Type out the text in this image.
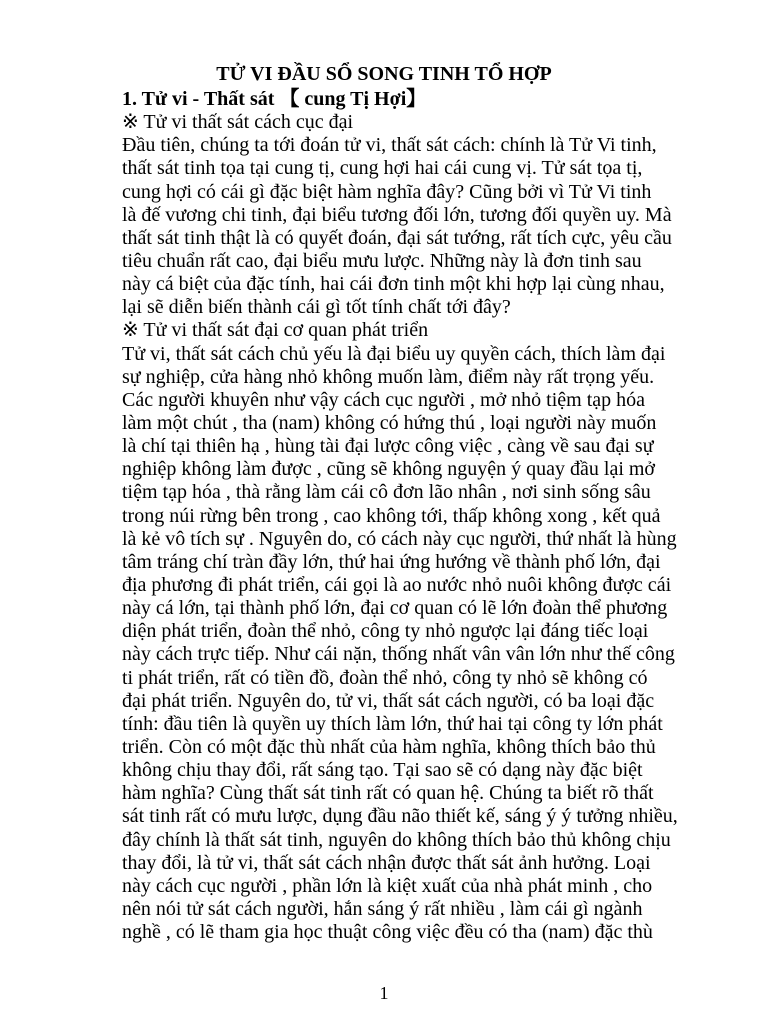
TỬ VI ĐẦU SỔ SONG TINH TỔ HỢP
1. Tử vi - Thất sát 【 cung Tị Hợi】
※ Tử vi thất sát cách cục đại
Đầu tiên, chúng ta tới đoán tử vi, thất sát cách: chính là Tử Vi tinh,
thất sát tinh tọa tại cung tị, cung hợi hai cái cung vị. Tử sát tọa tị,
cung hợi có cái gì đặc biệt hàm nghĩa đây? Cũng bởi vì Tử Vi tinh
là đế vương chi tinh, đại biểu tương đối lớn, tương đối quyền uy. Mà
thất sát tinh thật là có quyết đoán, đại sát tướng, rất tích cực, yêu cầu
tiêu chuẩn rất cao, đại biểu mưu lược. Những này là đơn tinh sau
này cá biệt của đặc tính, hai cái đơn tinh một khi hợp lại cùng nhau,
lại sẽ diễn biến thành cái gì tốt tính chất tới đây?
※ Tử vi thất sát đại cơ quan phát triển
Tử vi, thất sát cách chủ yếu là đại biểu uy quyền cách, thích làm đại
sự nghiệp, cửa hàng nhỏ không muốn làm, điểm này rất trọng yếu.
Các người khuyên như vậy cách cục người , mở nhỏ tiệm tạp hóa
làm một chút , tha (nam) không có hứng thú , loại người này muốn
là chí tại thiên hạ , hùng tài đại lược công việc , càng về sau đại sự
nghiệp không làm được , cũng sẽ không nguyện ý quay đầu lại mở
tiệm tạp hóa , thà rằng làm cái cô đơn lão nhân , nơi sinh sống sâu
trong núi rừng bên trong , cao không tới, thấp không xong , kết quả
là kẻ vô tích sự . Nguyên do, có cách này cục người, thứ nhất là hùng
tâm tráng chí tràn đầy lớn, thứ hai ứng hướng về thành phố lớn, đại
địa phương đi phát triển, cái gọi là ao nước nhỏ nuôi không được cái
này cá lớn, tại thành phố lớn, đại cơ quan có lẽ lớn đoàn thể phương
diện phát triển, đoàn thể nhỏ, công ty nhỏ ngược lại đáng tiếc loại
này cách trực tiếp. Như cái nặn, thống nhất vân vân lớn như thế công
ti phát triển, rất có tiền đồ, đoàn thể nhỏ, công ty nhỏ sẽ không có
đại phát triển. Nguyên do, tử vi, thất sát cách người, có ba loại đặc
tính: đầu tiên là quyền uy thích làm lớn, thứ hai tại công ty lớn phát
triển. Còn có một đặc thù nhất của hàm nghĩa, không thích bảo thủ
không chịu thay đổi, rất sáng tạo. Tại sao sẽ có dạng này đặc biệt
hàm nghĩa? Cùng thất sát tinh rất có quan hệ. Chúng ta biết rõ thất
sát tinh rất có mưu lược, dụng đầu não thiết kế, sáng ý ý tưởng nhiều,
đây chính là thất sát tinh, nguyên do không thích bảo thủ không chịu
thay đổi, là tử vi, thất sát cách nhận được thất sát ảnh hưởng. Loại
này cách cục người , phần lớn là kiệt xuất của nhà phát minh , cho
nên nói tử sát cách người, hắn sáng ý rất nhiều , làm cái gì ngành
nghề , có lẽ tham gia học thuật công việc đều có tha (nam) đặc thù
1
